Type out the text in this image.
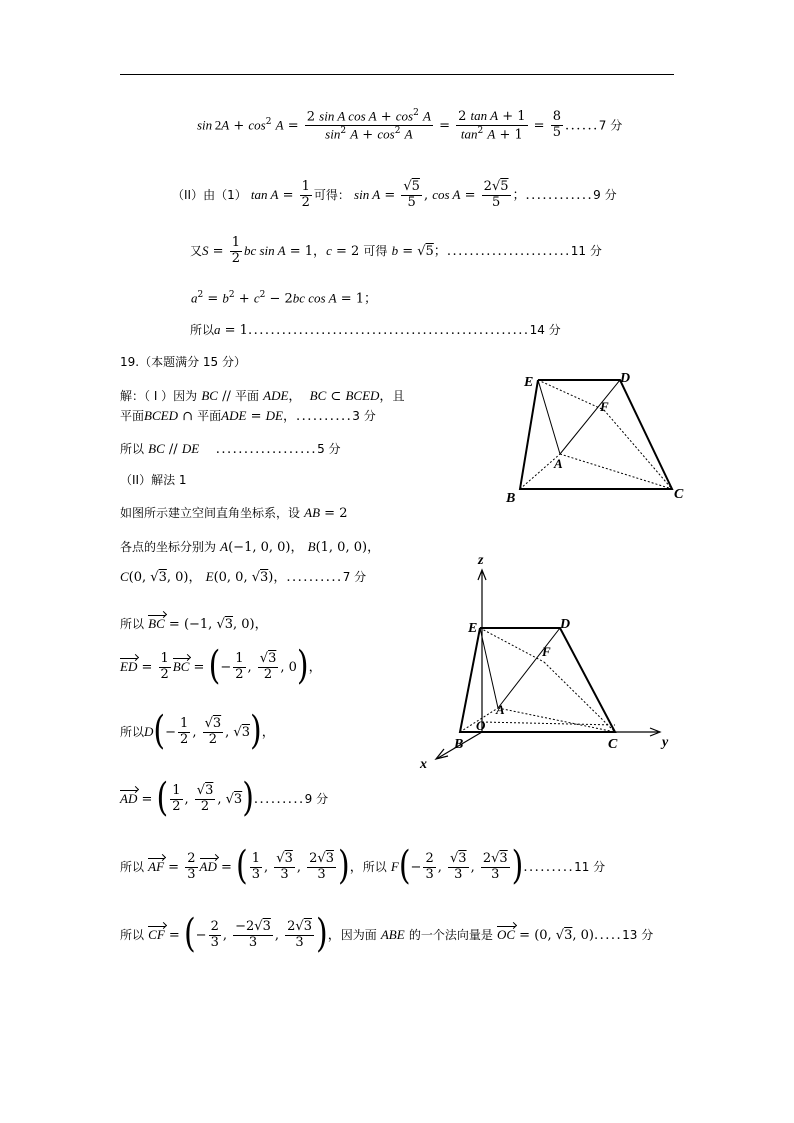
$\sin 2A + \cos^2 A = \frac{2 \sin A \cos A + \cos^2 A}{\sin^2 A + \cos^2 A} = \frac{\text{2 tan A + 1}}{\tan^2 A + 1} = \frac{8}{5} ......7$ 分
（II）由（1） $\tan A = \frac{1}{2}$ 可得： $\sin A = \frac{√5}{5}$ , $\cos A = \frac{2√5}{5}$ ；............9 分
又$S = \frac{1}{2}$ bc sin A = 1，c = 2 可得 b = √5；......................11 分
$a^2 = b^2 + c^2 - 2bc$ cos A = 1；
所以a = 1..................................................14 分
19.（本题满分 15 分）
解：（ I ）因为 BC // 平面 ADE，  BC ⊂ BCED，且
平面BCED ∩ 平面ADE = DE，..........3 分
所以 BC // DE ..................5 分
（II）解法 1
如图所示建立空间直角坐标系，设 AB = 2
各点的坐标分别为 A(−1, 0, 0)， B(1, 0, 0)，
C(0, √3, 0)， E(0, 0, √3)，..........7 分
所以 BC = (−1, √3, 0)，
ED = $\frac{1}{2}$ BC = (− $\frac{1}{2}$ , $\frac{√3}{2}$ , 0)，
所以$D(- \frac{1}{2}$ , $\frac{√3}{2}$ , √3)，
AD = ( $\frac{1}{2}$ , $\frac{√3}{2}$ , √3).........9 分
所以 AF = $\frac{2}{3}$ AD = ( $\frac{1}{3}$ , $\frac{√3}{3}$ , $\frac{2√3}{3}$ )，所以 $F(- \frac{2}{3}$ , $\frac{√3}{3}$ , $\frac{2√3}{3} ).........11$ 分
所以 CF = (− $\frac{2}{3}$ , $\frac{-2√3}{3}$ , $\frac{2√3}{3}$ )，因为面 ABE 的一个法向量是 OC = (0, √3, 0).....13 分
E	D
F
A
B	C
z
E	D
F
A
O
B	C
x
y
